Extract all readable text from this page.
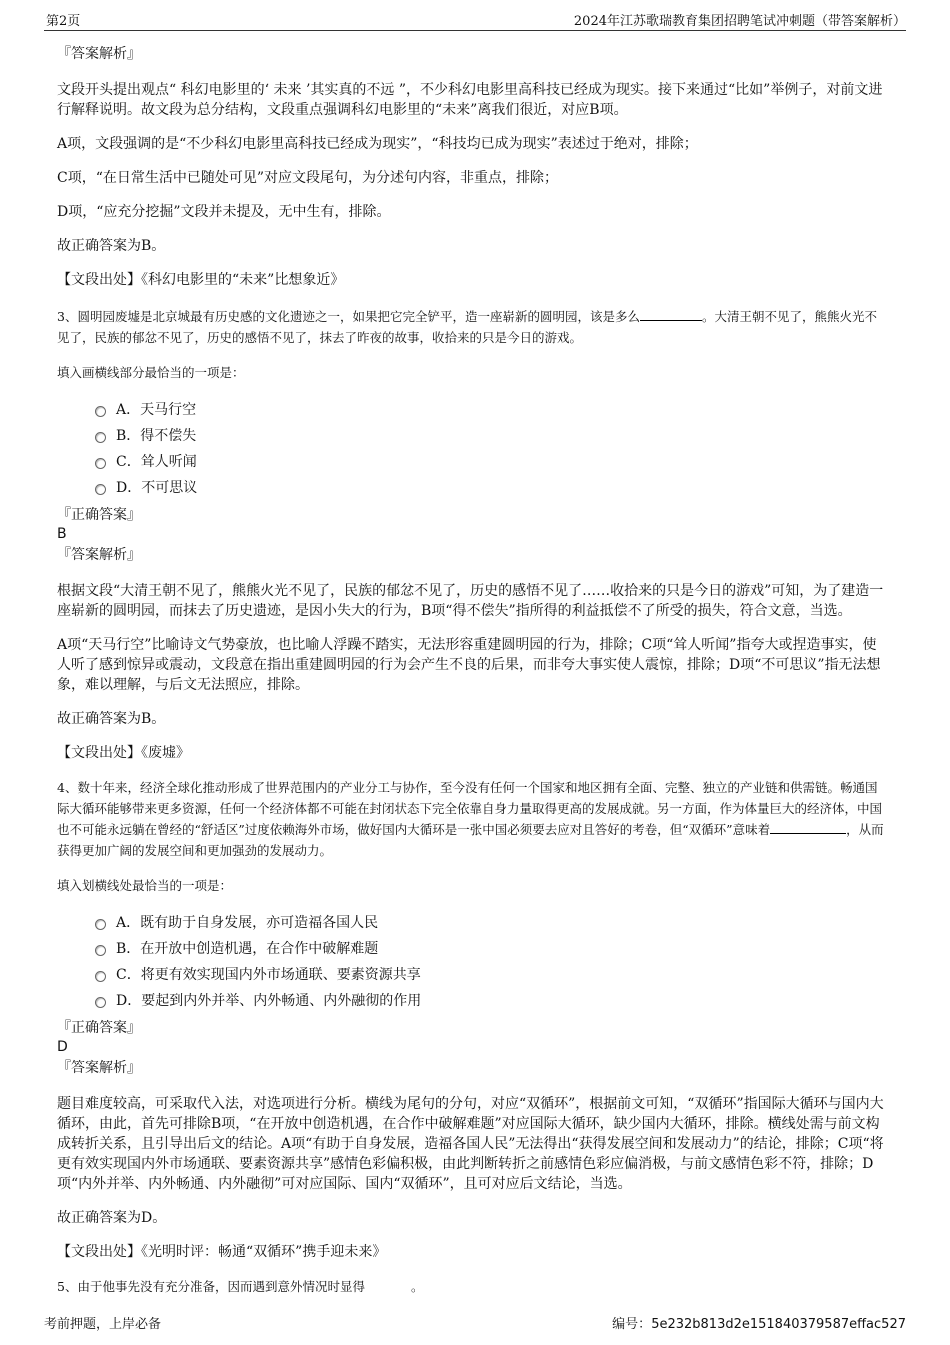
第2页	2024年江苏歌瑞教育集团招聘笔试冲刺题（带答案解析）
『答案解析』
文段开头提出观点“ 科幻电影里的‘ 未来 ’其实真的不远 ”，不少科幻电影里高科技已经成为现实。接下来通过“比如”举例子，对前文进行解释说明。故文段为总分结构，文段重点强调科幻电影里的“未来”离我们很近，对应B项。
A项，文段强调的是“不少科幻电影里高科技已经成为现实”，“科技均已成为现实”表述过于绝对，排除；
C项，“在日常生活中已随处可见”对应文段尾句，为分述句内容，非重点，排除；
D项，“应充分挖掘”文段并未提及，无中生有，排除。
故正确答案为B。
【文段出处】《科幻电影里的“未来”比想象近》
3、圆明园废墟是北京城最有历史感的文化遗迹之一，如果把它完全铲平，造一座崭新的圆明园，该是多么	。大清王朝不见了，熊熊火光不见了，民族的郁忿不见了，历史的感悟不见了，抹去了昨夜的故事，收拾来的只是今日的游戏。
填入画横线部分最恰当的一项是：
A．天马行空
B．得不偿失
C．耸人听闻
D．不可思议
『正确答案』
B
『答案解析』
根据文段“大清王朝不见了，熊熊火光不见了，民族的郁忿不见了，历史的感悟不见了……收拾来的只是今日的游戏”可知，为了建造一座崭新的圆明园，而抹去了历史遗迹，是因小失大的行为，B项“得不偿失”指所得的利益抵偿不了所受的损失，符合文意，当选。
A项“天马行空”比喻诗文气势豪放，也比喻人浮躁不踏实，无法形容重建圆明园的行为，排除；C项“耸人听闻”指夸大或捏造事实，使人听了感到惊异或震动，文段意在指出重建圆明园的行为会产生不良的后果，而非夸大事实使人震惊，排除；D项“不可思议”指无法想象，难以理解，与后文无法照应，排除。
故正确答案为B。
【文段出处】《废墟》
4、数十年来，经济全球化推动形成了世界范围内的产业分工与协作，至今没有任何一个国家和地区拥有全面、完整、独立的产业链和供需链。畅通国际大循环能够带来更多资源，任何一个经济体都不可能在封闭状态下完全依靠自身力量取得更高的发展成就。另一方面，作为体量巨大的经济体，中国也不可能永远躺在曾经的“舒适区”过度依赖海外市场，做好国内大循环是一张中国必须要去应对且答好的考卷，但“双循环”意味着	，从而获得更加广阔的发展空间和更加强劲的发展动力。
填入划横线处最恰当的一项是：
A．既有助于自身发展，亦可造福各国人民
B．在开放中创造机遇，在合作中破解难题
C．将更有效实现国内外市场通联、要素资源共享
D．要起到内外并举、内外畅通、内外融彻的作用
『正确答案』
D
『答案解析』
题目难度较高，可采取代入法，对选项进行分析。横线为尾句的分句，对应“双循环”，根据前文可知，“双循环”指国际大循环与国内大循环，由此，首先可排除B项，“在开放中创造机遇，在合作中破解难题”对应国际大循环，缺少国内大循环，排除。横线处需与前文构成转折关系，且引导出后文的结论。A项“有助于自身发展，造福各国人民”无法得出“获得发展空间和发展动力”的结论，排除；C项“将更有效实现国内外市场通联、要素资源共享”感情色彩偏积极，由此判断转折之前感情色彩应偏消极，与前文感情色彩不符，排除；D项“内外并举、内外畅通、内外融彻”可对应国际、国内“双循环”，且可对应后文结论，当选。
故正确答案为D。
【文段出处】《光明时评：畅通“双循环”携手迎未来》
5、由于他事先没有充分准备，因而遇到意外情况时显得	。
考前押题，上岸必备	编号：5e232b813d2e151840379587effac527
